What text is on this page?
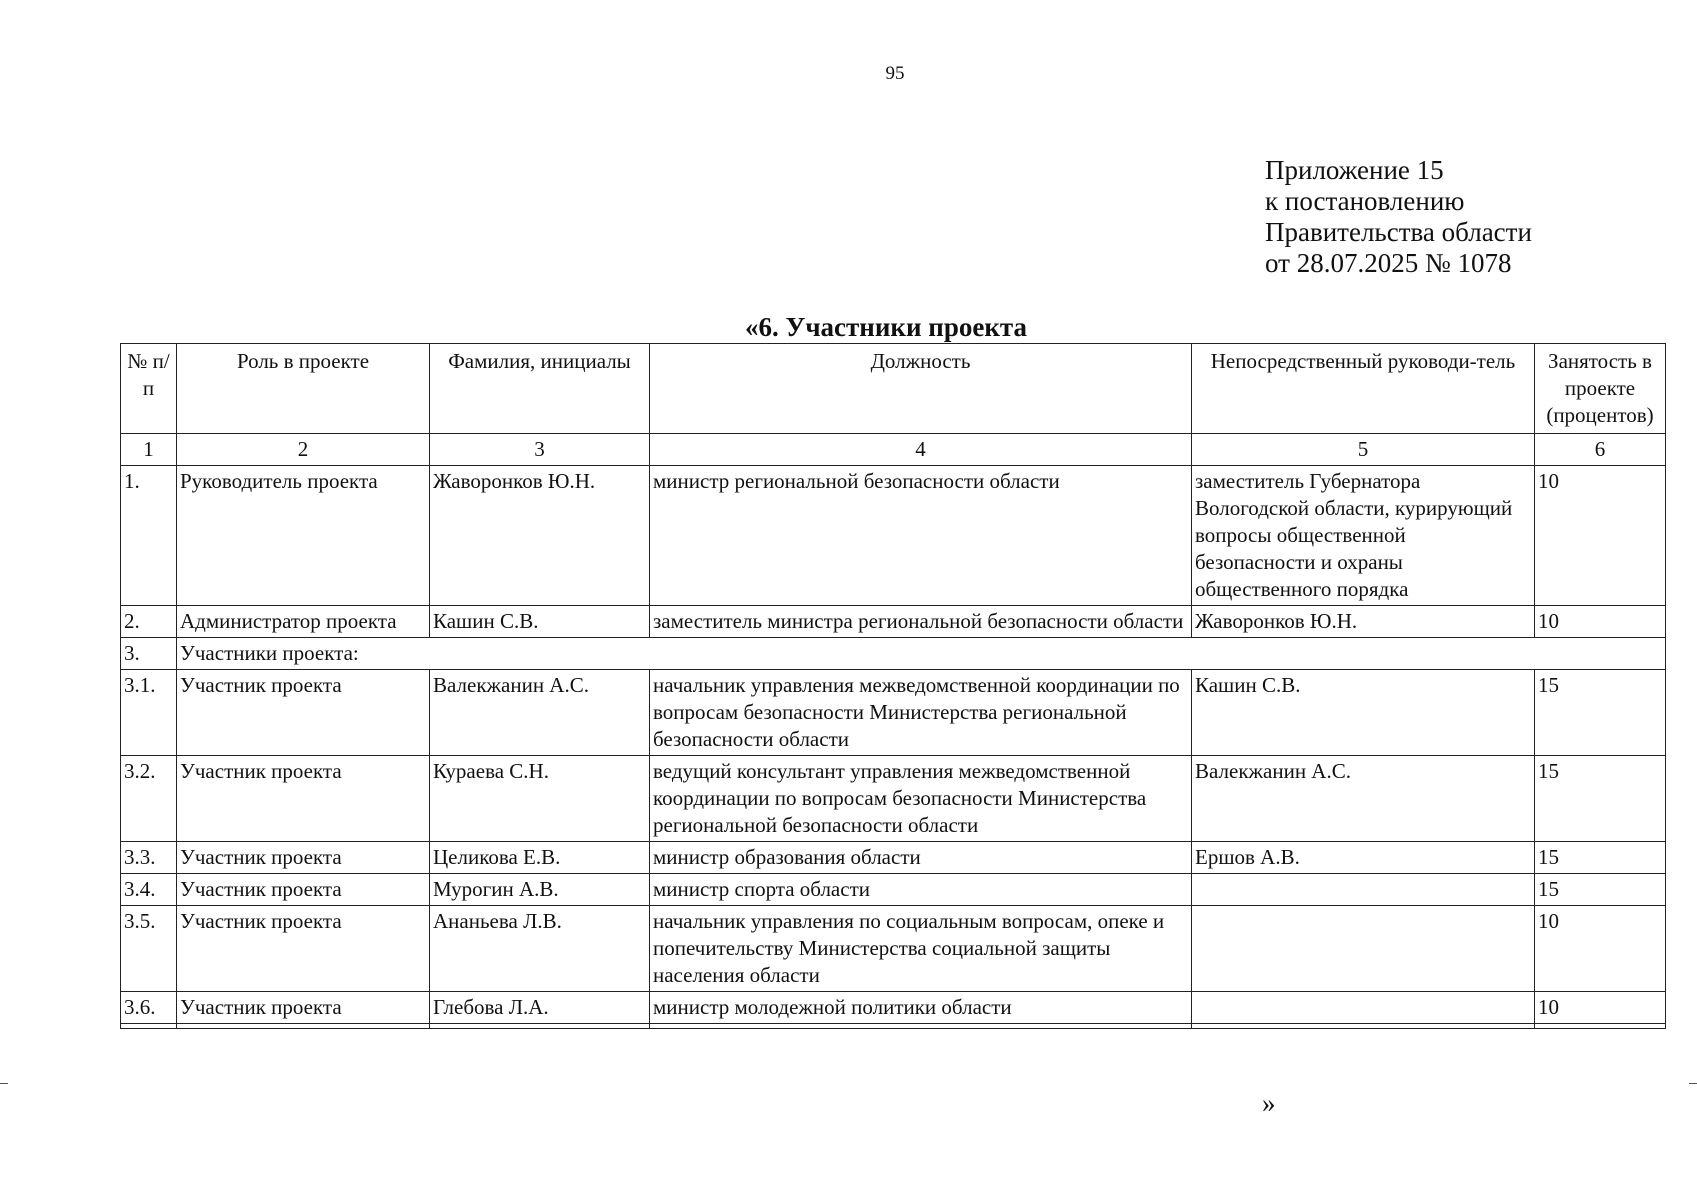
95
Приложение 15
к постановлению
Правительства области
от 28.07.2025 № 1078
«6. Участники проекта
№ п/п	Роль в проекте	Фамилия, инициалы	Должность	Непосредственный руководи-тель	Занятость в проекте (процентов)
1	2	3	4	5	6
1.	Руководитель проекта	Жаворонков Ю.Н.	министр региональной безопасности области	заместитель Губернатора Вологодской области, курирующий вопросы общественной безопасности и охраны общественного порядка	10
2.	Администратор проекта	Кашин С.В.	заместитель министра региональной безопасности области	Жаворонков Ю.Н.	10
3.	Участники проекта:				
3.1.	Участник проекта	Валекжанин А.С.	начальник управления межведомственной координации по вопросам безопасности Министерства региональной безопасности области	Кашин С.В.	15
3.2.	Участник проекта	Кураева С.Н.	ведущий консультант управления межведомственной координации по вопросам безопасности Министерства региональной безопасности области	Валекжанин А.С.	15
3.3.	Участник проекта	Целикова Е.В.	министр образования области	Ершов А.В.	15
3.4.	Участник проекта	Мурогин А.В.	министр спорта области		15
3.5.	Участник проекта	Ананьева Л.В.	начальник управления по социальным вопросам, опеке и попечительству Министерства социальной защиты населения области		10
3.6.	Участник проекта	Глебова Л.А.	министр молодежной политики области		10

»
